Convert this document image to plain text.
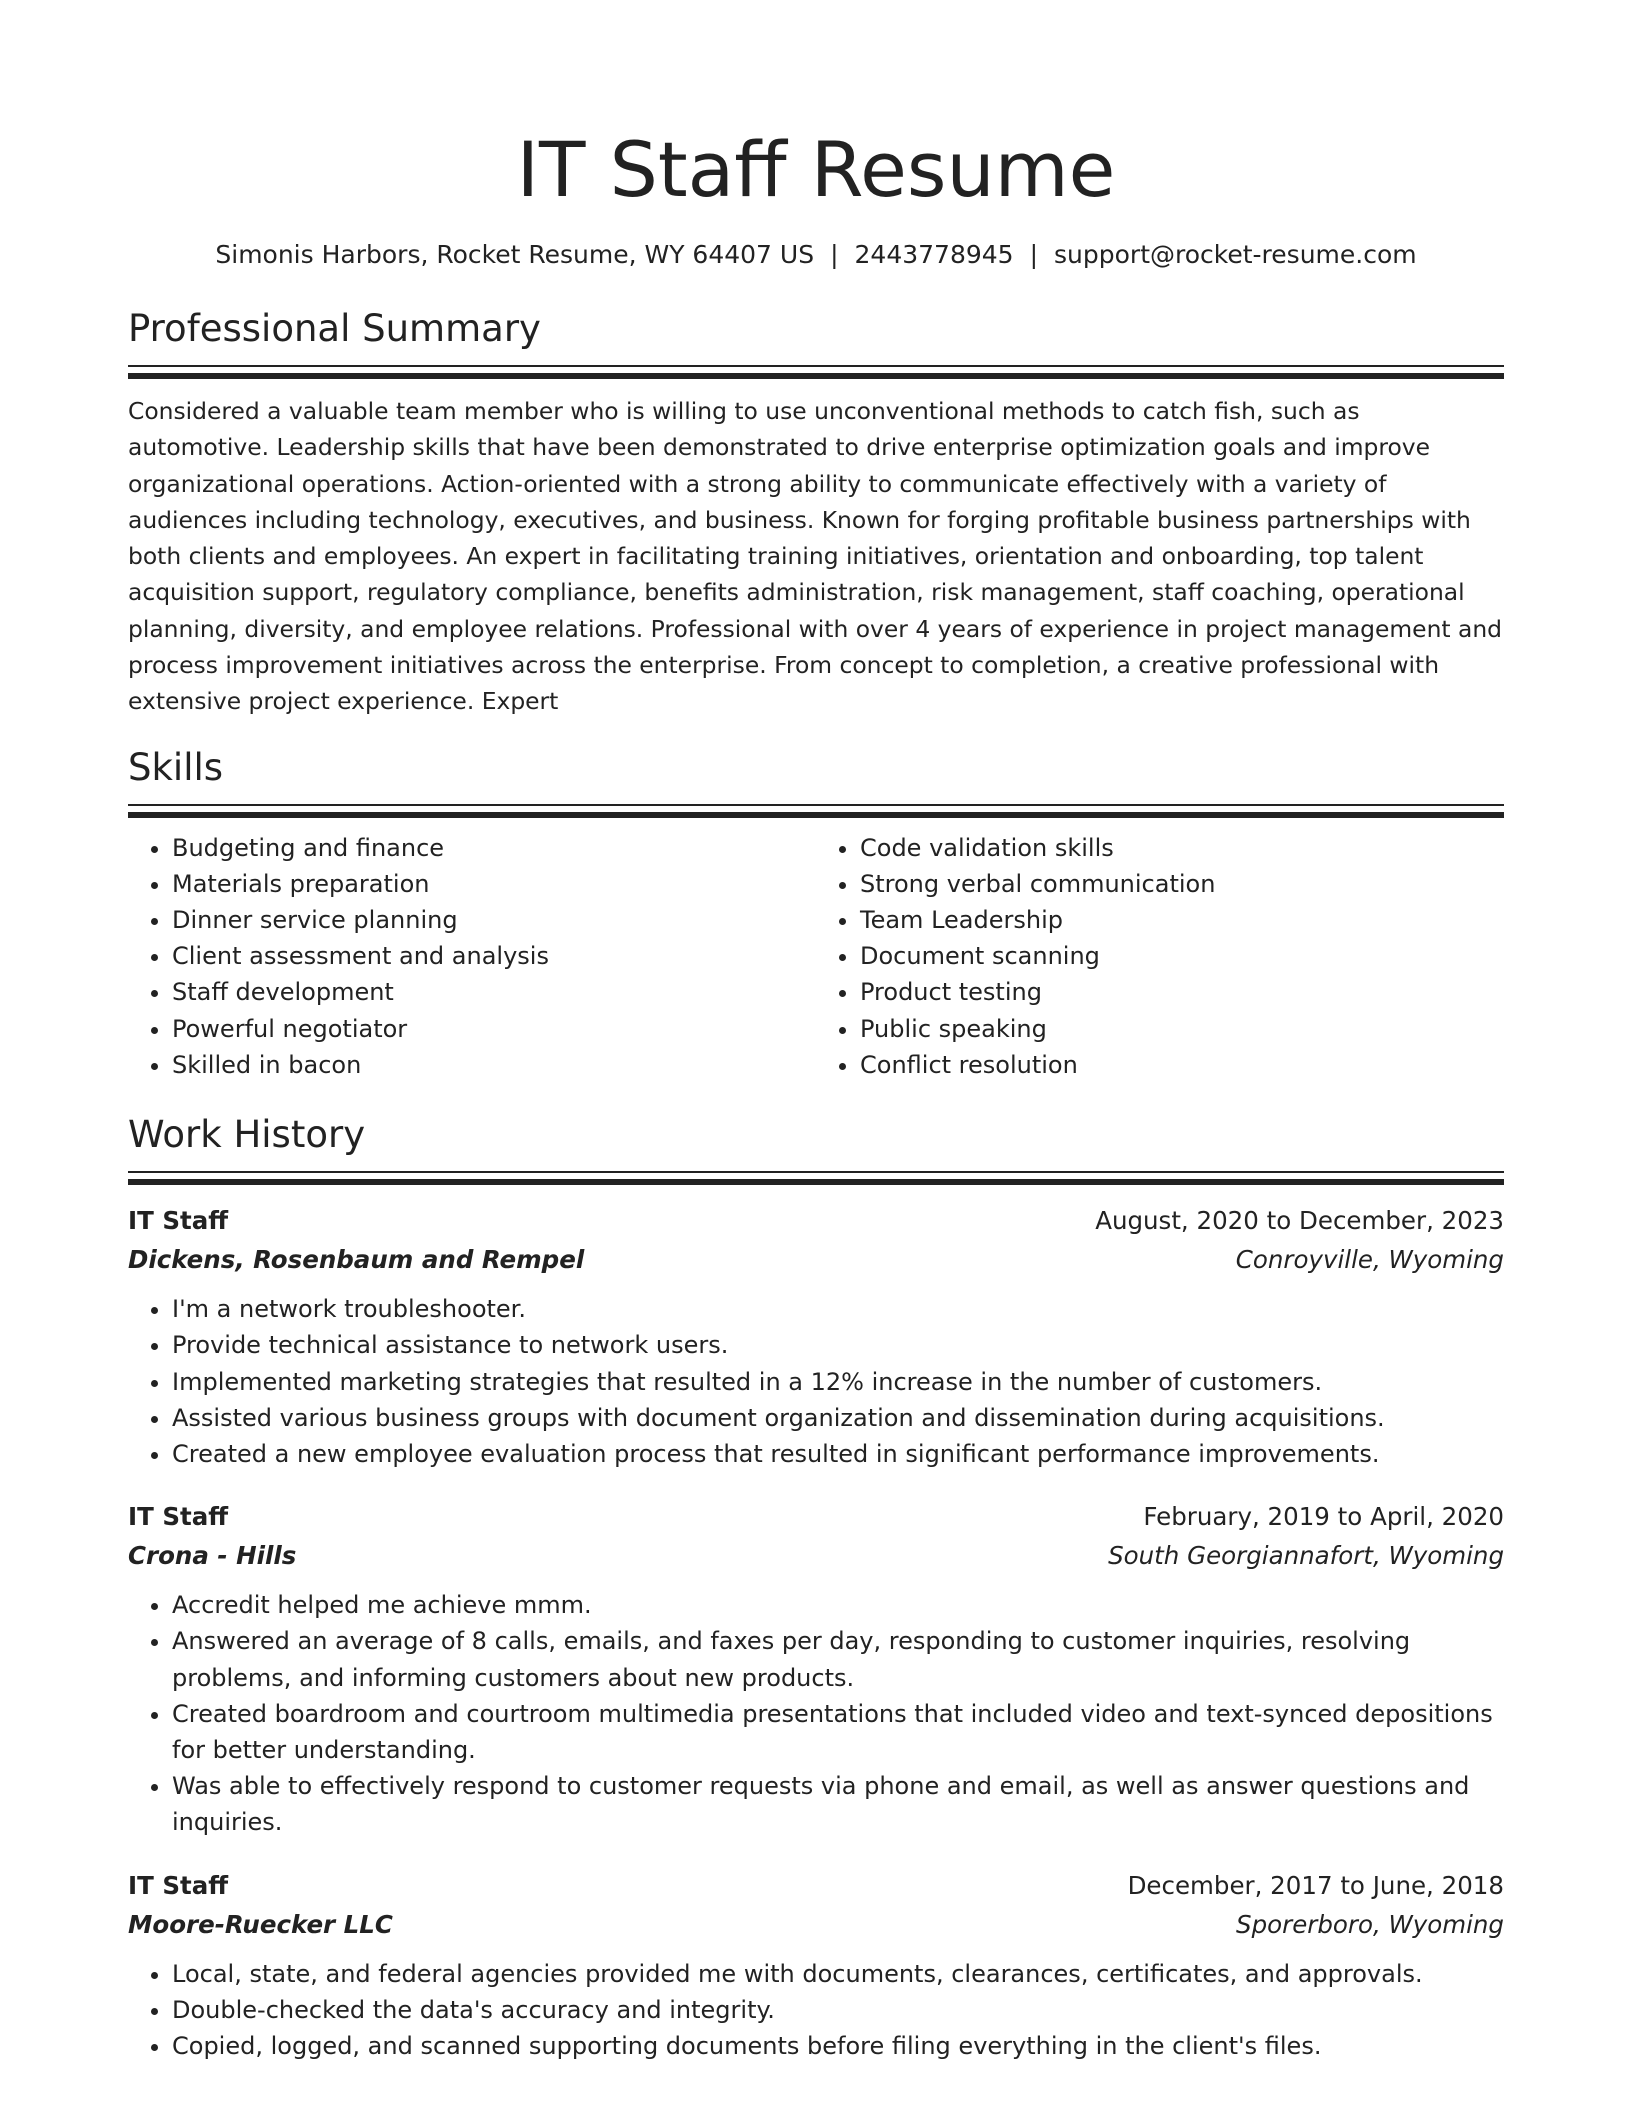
IT Staff Resume
Simonis Harbors, Rocket Resume, WY 64407 US | 2443778945 | support@rocket-resume.com
Professional Summary
Considered a valuable team member who is willing to use unconventional methods to catch fish, such as automotive. Leadership skills that have been demonstrated to drive enterprise optimization goals and improve organizational operations. Action-oriented with a strong ability to communicate effectively with a variety of audiences including technology, executives, and business. Known for forging profitable business partnerships with both clients and employees. An expert in facilitating training initiatives, orientation and onboarding, top talent acquisition support, regulatory compliance, benefits administration, risk management, staff coaching, operational planning, diversity, and employee relations. Professional with over 4 years of experience in project management and process improvement initiatives across the enterprise. From concept to completion, a creative professional with extensive project experience. Expert
Skills
• Budgeting and finance
• Materials preparation
• Dinner service planning
• Client assessment and analysis
• Staff development
• Powerful negotiator
• Skilled in bacon
• Code validation skills
• Strong verbal communication
• Team Leadership
• Document scanning
• Product testing
• Public speaking
• Conflict resolution
Work History
IT Staff	August, 2020 to December, 2023
Dickens, Rosenbaum and Rempel	Conroyville, Wyoming
• I'm a network troubleshooter.
• Provide technical assistance to network users.
• Implemented marketing strategies that resulted in a 12% increase in the number of customers.
• Assisted various business groups with document organization and dissemination during acquisitions.
• Created a new employee evaluation process that resulted in significant performance improvements.
IT Staff	February, 2019 to April, 2020
Crona - Hills	South Georgiannafort, Wyoming
• Accredit helped me achieve mmm.
• Answered an average of 8 calls, emails, and faxes per day, responding to customer inquiries, resolving problems, and informing customers about new products.
• Created boardroom and courtroom multimedia presentations that included video and text-synced depositions for better understanding.
• Was able to effectively respond to customer requests via phone and email, as well as answer questions and inquiries.
IT Staff	December, 2017 to June, 2018
Moore-Ruecker LLC	Sporerboro, Wyoming
• Local, state, and federal agencies provided me with documents, clearances, certificates, and approvals.
• Double-checked the data's accuracy and integrity.
• Copied, logged, and scanned supporting documents before filing everything in the client's files.
